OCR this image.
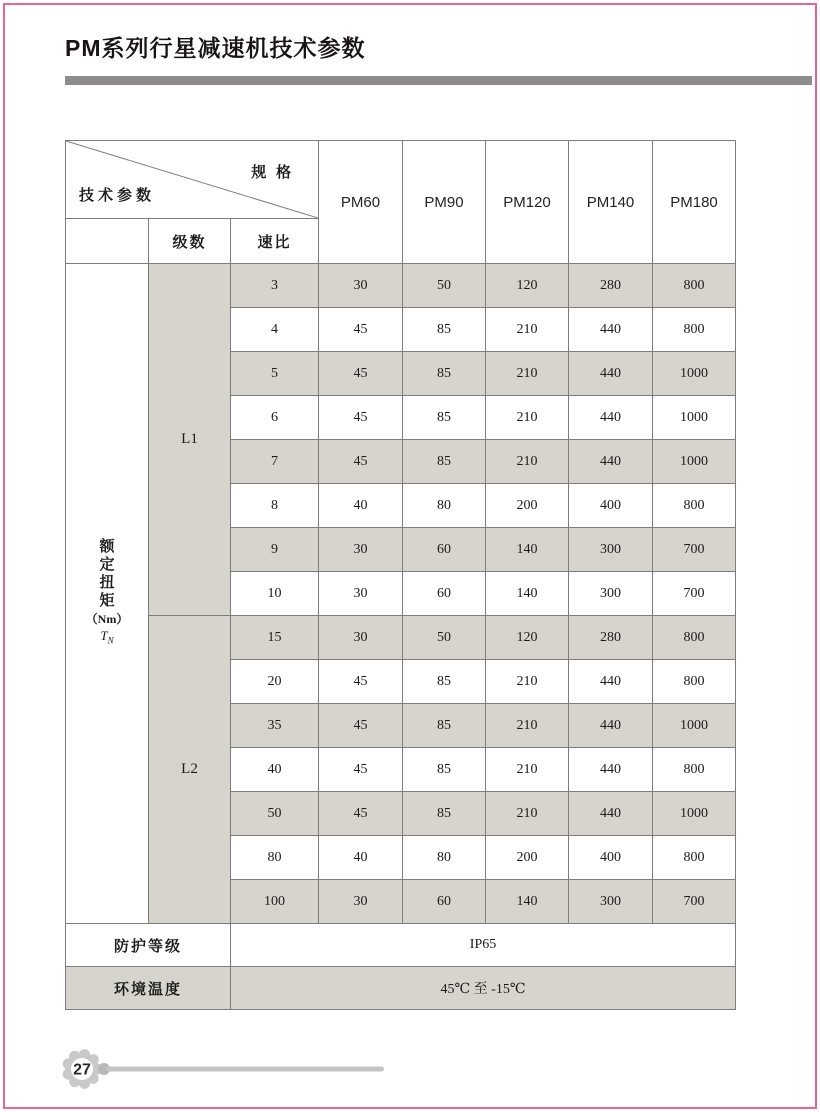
PM系列行星减速机技术参数
规 格
技术参数			PM60	PM90	PM120	PM140	PM180
	级数	速比					

额
定
扭
矩
（Nm）
$T_N$
	L1	3	30	50	120	280	800
		4	45	85	210	440	800
		5	45	85	210	440	1000
		6	45	85	210	440	1000
		7	45	85	210	440	1000
		8	40	80	200	400	800
		9	30	60	140	300	700
		10	30	60	140	300	700
	L2	15	30	50	120	280	800
		20	45	85	210	440	800
		35	45	85	210	440	1000
		40	45	85	210	440	800
		50	45	85	210	440	1000
		80	40	80	200	400	800
		100	30	60	140	300	700
防护等级		IP65					
环境温度		45℃ 至 -15℃					
27
